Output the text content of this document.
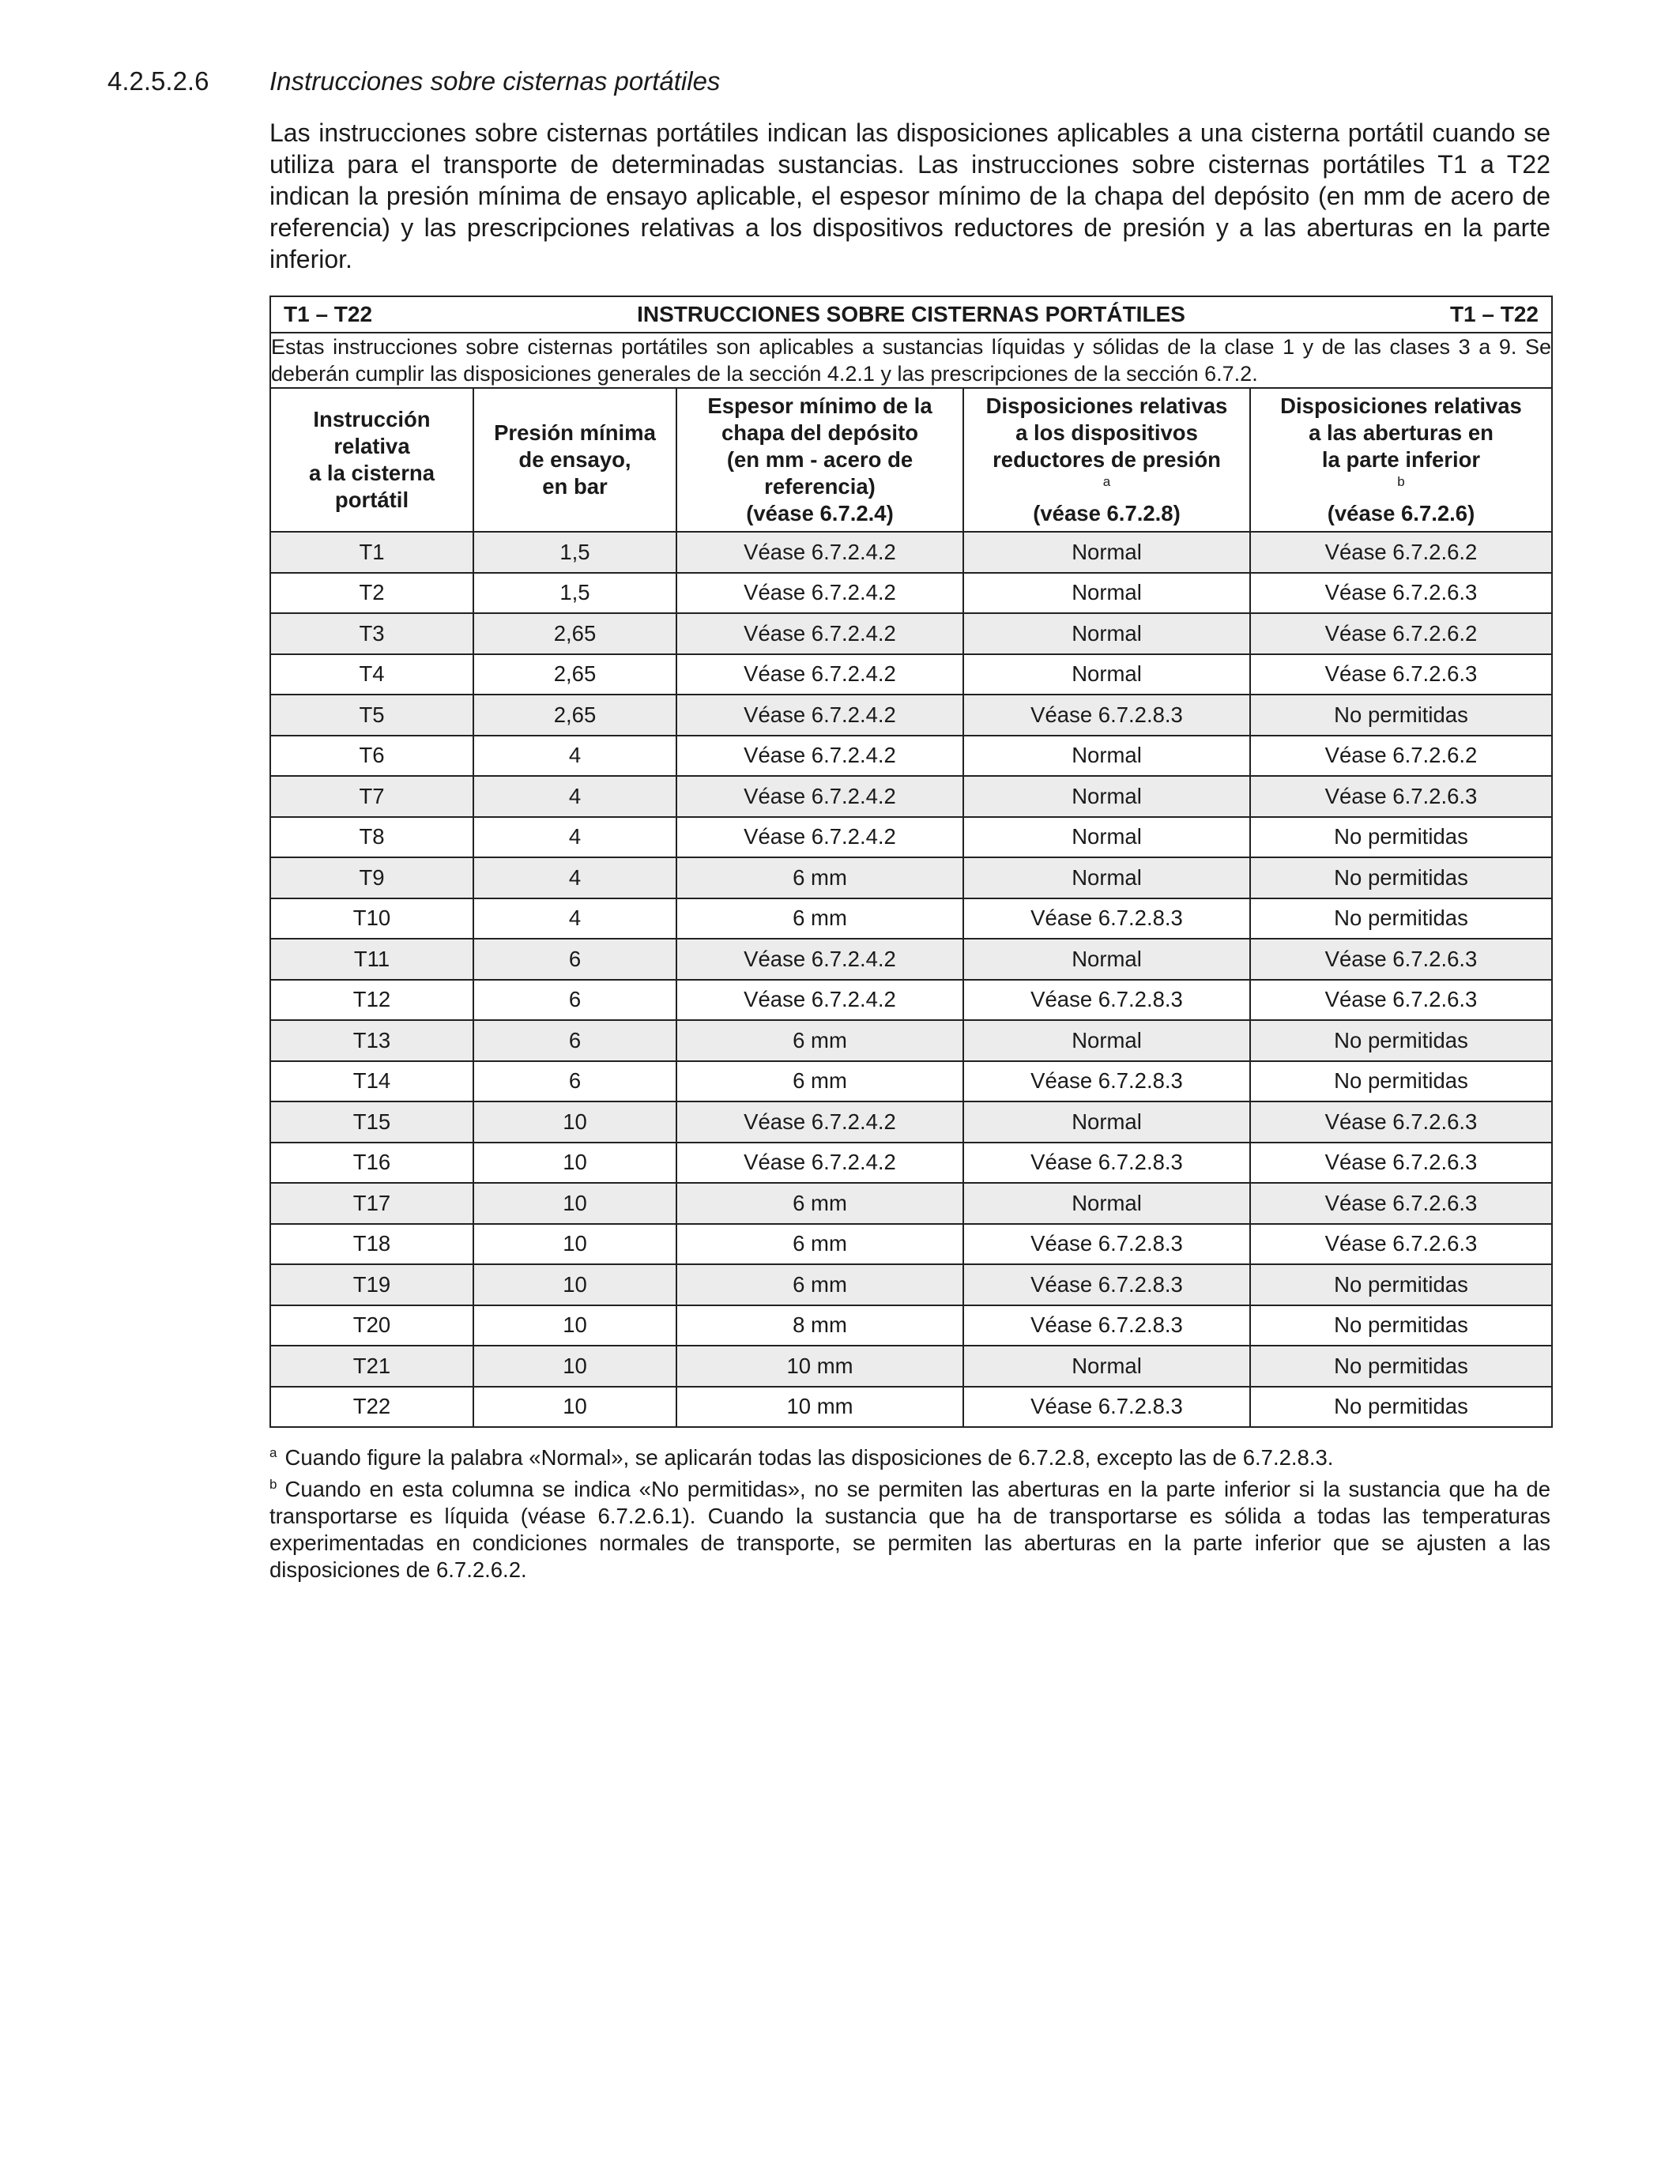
4.2.5.2.6 Instrucciones sobre cisternas portátiles

Las instrucciones sobre cisternas portátiles indican las disposiciones aplicables a una cisterna portátil cuando se utiliza para el transporte de determinadas sustancias. Las instrucciones sobre cisternas portátiles T1 a T22 indican la presión mínima de ensayo aplicable, el espesor mínimo de la chapa del depósito (en mm de acero de referencia) y las prescripciones relativas a los dispositivos reductores de presión y a las aberturas en la parte inferior.

T1 – T22 INSTRUCCIONES SOBRE CISTERNAS PORTÁTILES T1 – T22				

Estas instrucciones sobre cisternas portátiles son aplicables a sustancias líquidas y sólidas de la clase 1 y de las clases 3 a 9. Se deberán cumplir las disposiciones generales de la sección 4.2.1 y las prescripciones de la sección 6.7.2.				

Instrucción
relativa
a la cisterna
portátil	Presión mínima
de ensayo,
en bar	Espesor mínimo de la
chapa del depósito
(en mm - acero de
referencia)
(véase 6.7.2.4)	Disposiciones relativas
a los dispositivos
reductores de presión
$^a$
(véase 6.7.2.8)	Disposiciones relativas
a las aberturas en
la parte inferior
$^b$
(véase 6.7.2.6)

T1	1,5	Véase 6.7.2.4.2	Normal	Véase 6.7.2.6.2
T2	1,5	Véase 6.7.2.4.2	Normal	Véase 6.7.2.6.3
T3	2,65	Véase 6.7.2.4.2	Normal	Véase 6.7.2.6.2
T4	2,65	Véase 6.7.2.4.2	Normal	Véase 6.7.2.6.3
T5	2,65	Véase 6.7.2.4.2	Véase 6.7.2.8.3	No permitidas
T6	4	Véase 6.7.2.4.2	Normal	Véase 6.7.2.6.2
T7	4	Véase 6.7.2.4.2	Normal	Véase 6.7.2.6.3
T8	4	Véase 6.7.2.4.2	Normal	No permitidas
T9	4	6 mm	Normal	No permitidas
T10	4	6 mm	Véase 6.7.2.8.3	No permitidas
T11	6	Véase 6.7.2.4.2	Normal	Véase 6.7.2.6.3
T12	6	Véase 6.7.2.4.2	Véase 6.7.2.8.3	Véase 6.7.2.6.3
T13	6	6 mm	Normal	No permitidas
T14	6	6 mm	Véase 6.7.2.8.3	No permitidas
T15	10	Véase 6.7.2.4.2	Normal	Véase 6.7.2.6.3
T16	10	Véase 6.7.2.4.2	Véase 6.7.2.8.3	Véase 6.7.2.6.3
T17	10	6 mm	Normal	Véase 6.7.2.6.3
T18	10	6 mm	Véase 6.7.2.8.3	Véase 6.7.2.6.3
T19	10	6 mm	Véase 6.7.2.8.3	No permitidas
T20	10	8 mm	Véase 6.7.2.8.3	No permitidas
T21	10	10 mm	Normal	No permitidas
T22	10	10 mm	Véase 6.7.2.8.3	No permitidas

$^a$ Cuando figure la palabra «Normal», se aplicarán todas las disposiciones de 6.7.2.8, excepto las de 6.7.2.8.3.

$^b$ Cuando en esta columna se indica «No permitidas», no se permiten las aberturas en la parte inferior si la sustancia que ha de transportarse es líquida (véase 6.7.2.6.1). Cuando la sustancia que ha de transportarse es sólida a todas las temperaturas experimentadas en condiciones normales de transporte, se permiten las aberturas en la parte inferior que se ajusten a las disposiciones de 6.7.2.6.2.
